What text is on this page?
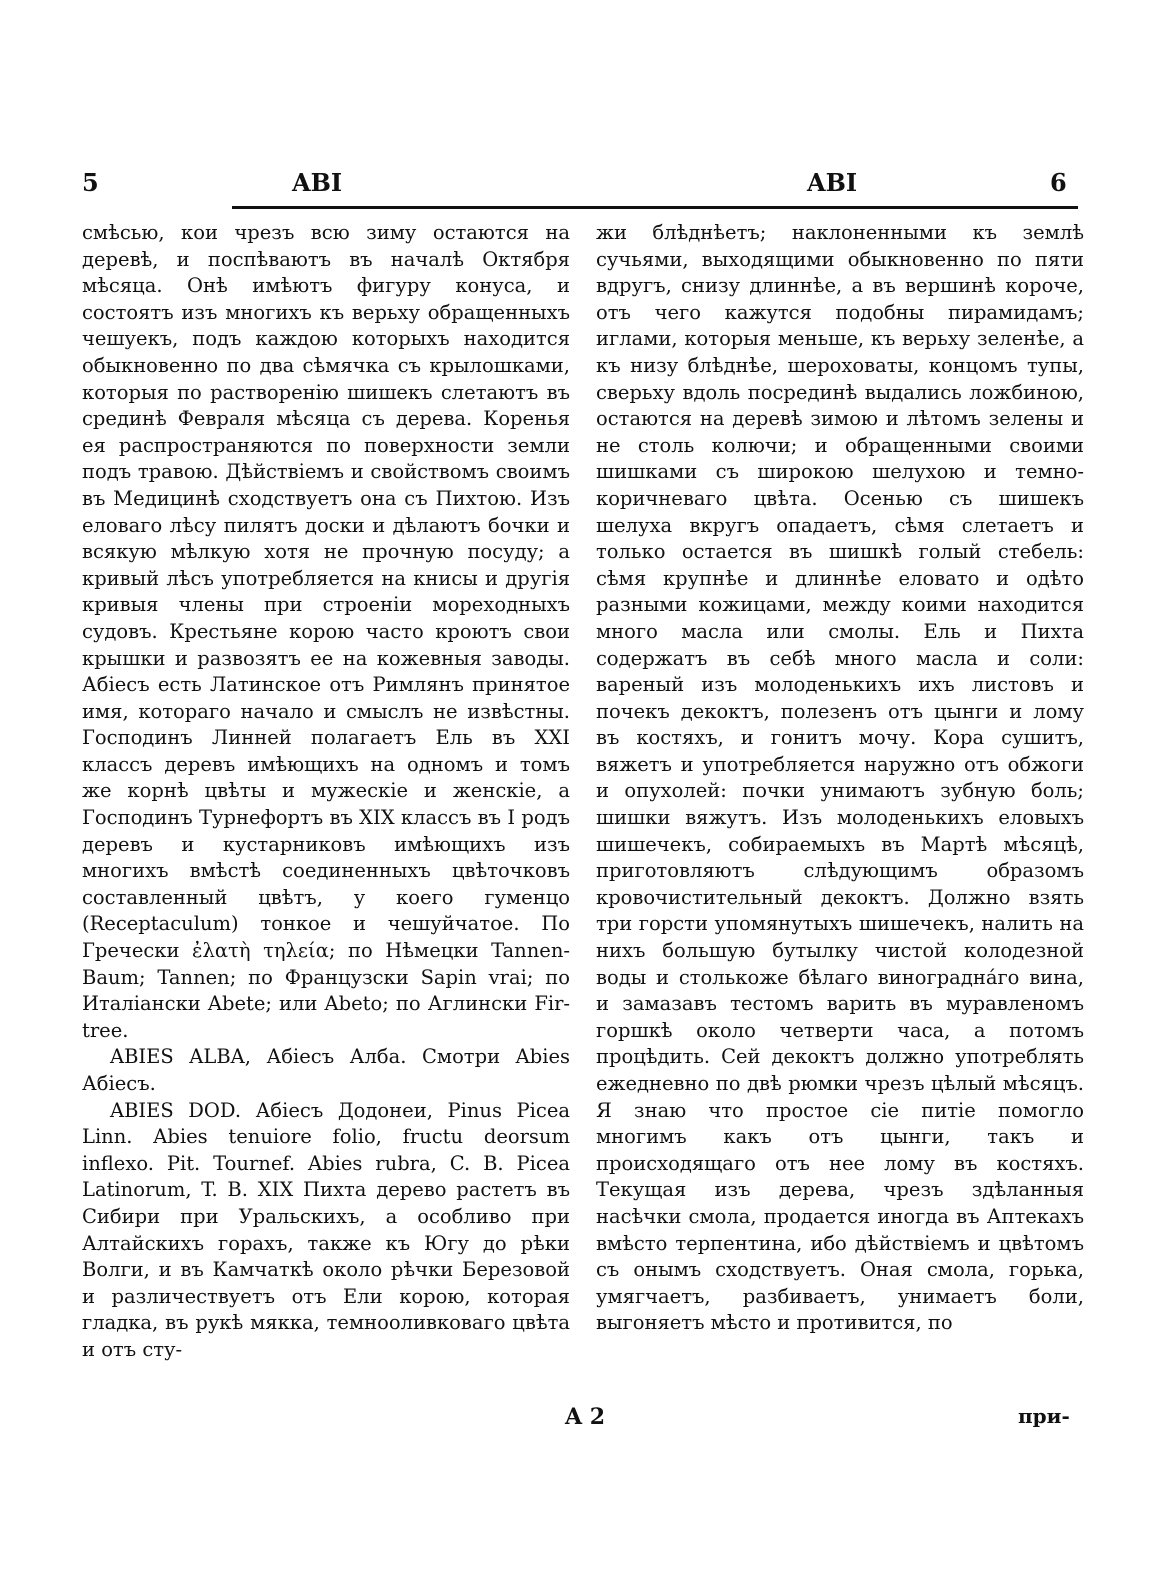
5	ABI	ABI	6

смѣсью, кои чрезъ всю зиму остаются на деревѣ, и поспѣваютъ въ началѣ Октября мѣсяца. Онѣ имѣютъ фигуру конуса, и состоятъ изъ многихъ къ верьху обращенныхъ чешуекъ, подъ каждою которыхъ находится обыкновенно по два сѣмячка съ крылошками, которыя по растворенію шишекъ слетаютъ въ срединѣ Февраля мѣсяца съ дерева. Коренья ея распространяются по поверхности земли подъ травою. Дѣйствіемъ и свойствомъ своимъ въ Медицинѣ сходствуетъ она съ Пихтою. Изъ еловаго лѣсу пилятъ доски и дѣлаютъ бочки и всякую мѣлкую хотя не прочную посуду; а кривый лѣсъ употребляется на книсы и другія кривыя члены при строеніи мореходныхъ судовъ. Крестьяне корою часто кроютъ свои крышки и развозятъ ее на кожевныя заводы. Абіесъ есть Латинское отъ Римлянъ принятое имя, котораго начало и смыслъ не извѣстны. Господинъ Линней полагаетъ Ель въ XXI классъ деревъ имѣющихъ на одномъ и томъ же корнѣ цвѣты и мужескіе и женскіе, а Господинъ Турнефортъ въ XIX классъ въ I родъ деревъ и кустарниковъ имѣющихъ изъ многихъ вмѣстѣ соединенныхъ цвѣточковъ составленный цвѣтъ, у коего гуменцо (Receptaculum) тонкое и чешуйчатое. По Гречески ἐλατὴ τηλεία; по Нѣмецки Tannen-Baum; Tannen; по Французски Sapin vrai; по Италіански Abete; или Abeto; по Аглински Fir-tree.

ABIES ALBA, Абіесъ Алба. Смотри Abies Абіесъ.

ABIES DOD. Абіесъ Додонеи, Pinus Picea Linn. Abies tenuiore folio, fructu deorsum inflexo. Pit. Tournef. Abies rubra, C. B. Picea Latinorum, T. B. XIX Пихта дерево растетъ въ Сибири при Уральскихъ, а особливо при Алтайскихъ горахъ, также къ Югу до рѣки Волги, и въ Камчаткѣ около рѣчки Березовой и различествуетъ отъ Ели корою, которая гладка, въ рукѣ мякка, темнооливковаго цвѣта и отъ сту-

жи блѣднѣетъ; наклоненными къ землѣ сучьями, выходящими обыкновенно по пяти вдругъ, снизу длиннѣе, а въ вершинѣ короче, отъ чего кажутся подобны пирамидамъ; иглами, которыя меньше, къ верьху зеленѣе, а къ низу блѣднѣе, шероховаты, концомъ тупы, сверьху вдоль посрединѣ выдались ложбиною, остаются на деревѣ зимою и лѣтомъ зелены и не столь колючи; и обращенными своими шишками съ широкою шелухою и темно-коричневаго цвѣта. Осенью съ шишекъ шелуха вкругъ опадаетъ, сѣмя слетаетъ и только остается въ шишкѣ голый стебель: сѣмя крупнѣе и длиннѣе еловато и одѣто разными кожицами, между коими находится много масла или смолы. Ель и Пихта содержатъ въ себѣ много масла и соли: вареный изъ молоденькихъ ихъ листовъ и почекъ декоктъ, полезенъ отъ цынги и лому въ костяхъ, и гонитъ мочу. Кора сушитъ, вяжетъ и употребляется наружно отъ обжоги и опухолей: почки унимаютъ зубную боль; шишки вяжутъ. Изъ молоденькихъ еловыхъ шишечекъ, собираемыхъ въ Мартѣ мѣсяцѣ, приготовляютъ слѣдующимъ образомъ кровочистительный декоктъ. Должно взять три горсти упомянутыхъ шишечекъ, налить на нихъ большую бутылку чистой колодезной воды и столькоже бѣлаго виноградна́го вина, и замазавъ тестомъ варить въ муравленомъ горшкѣ около четверти часа, а потомъ процѣдить. Сей декоктъ должно употреблять ежедневно по двѣ рюмки чрезъ цѣлый мѣсяцъ. Я знаю что простое сіе питіе помогло многимъ какъ отъ цынги, такъ и происходящаго отъ нее лому въ костяхъ. Текущая изъ дерева, чрезъ здѣланныя насѣчки смола, продается иногда въ Аптекахъ вмѣсто терпентина, ибо дѣйствіемъ и цвѣтомъ съ онымъ сходствуетъ. Оная смола, горька, умягчаетъ, разбиваетъ, унимаетъ боли, выгоняетъ мѣсто и противится, по

A 2	при-
